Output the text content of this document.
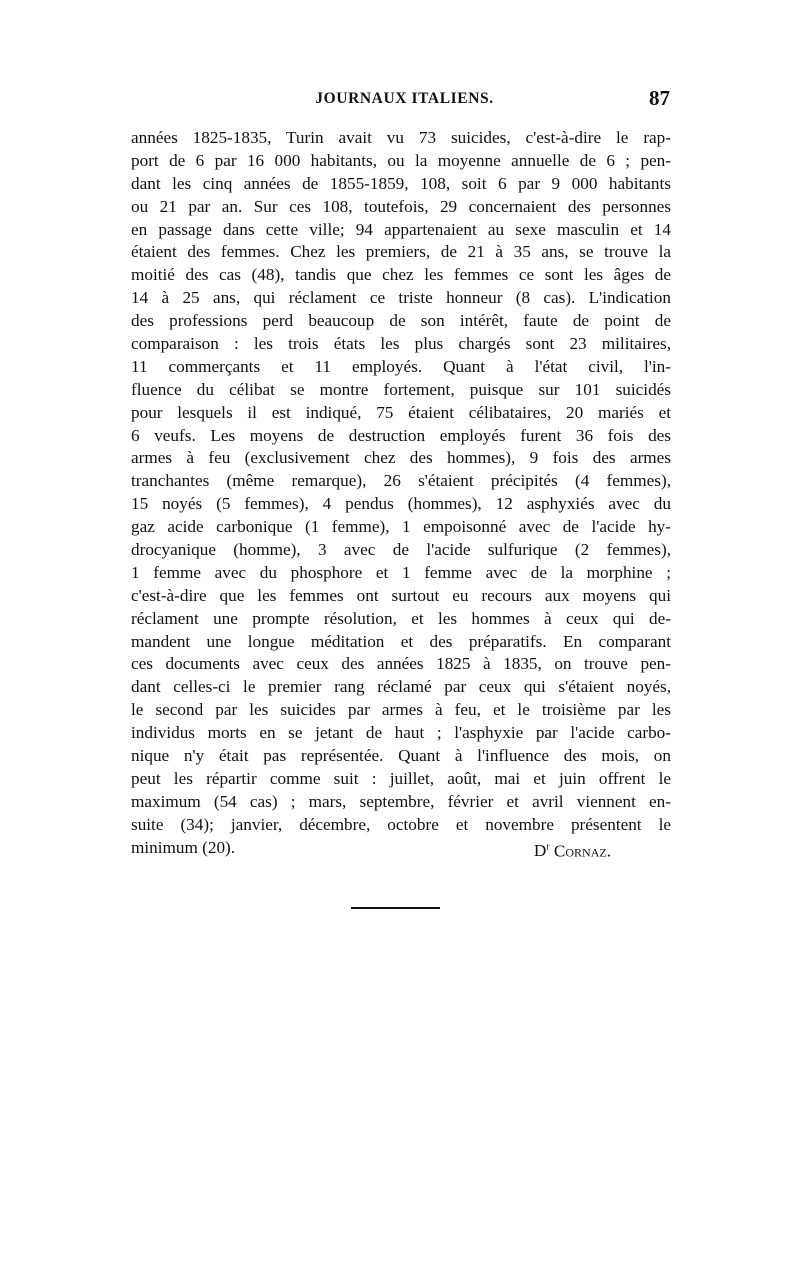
JOURNAUX ITALIENS.	87
années 1825-1835, Turin avait vu 73 suicides, c'est-à-dire le rap-
port de 6 par 16 000 habitants, ou la moyenne annuelle de 6 ; pen-
dant les cinq années de 1855-1859, 108, soit 6 par 9 000 habitants
ou 21 par an. Sur ces 108, toutefois, 29 concernaient des personnes
en passage dans cette ville; 94 appartenaient au sexe masculin et 14
étaient des femmes. Chez les premiers, de 21 à 35 ans, se trouve la
moitié des cas (48), tandis que chez les femmes ce sont les âges de
14 à 25 ans, qui réclament ce triste honneur (8 cas). L'indication
des professions perd beaucoup de son intérêt, faute de point de
comparaison : les trois états les plus chargés sont 23 militaires,
11 commerçants et 11 employés. Quant à l'état civil, l'in-
fluence du célibat se montre fortement, puisque sur 101 suicidés
pour lesquels il est indiqué, 75 étaient célibataires, 20 mariés et
6 veufs. Les moyens de destruction employés furent 36 fois des
armes à feu (exclusivement chez des hommes), 9 fois des armes
tranchantes (même remarque), 26 s'étaient précipités (4 femmes),
15 noyés (5 femmes), 4 pendus (hommes), 12 asphyxiés avec du
gaz acide carbonique (1 femme), 1 empoisonné avec de l'acide hy-
drocyanique (homme), 3 avec de l'acide sulfurique (2 femmes),
1 femme avec du phosphore et 1 femme avec de la morphine ;
c'est-à-dire que les femmes ont surtout eu recours aux moyens qui
réclament une prompte résolution, et les hommes à ceux qui de-
mandent une longue méditation et des préparatifs. En comparant
ces documents avec ceux des années 1825 à 1835, on trouve pen-
dant celles-ci le premier rang réclamé par ceux qui s'étaient noyés,
le second par les suicides par armes à feu, et le troisième par les
individus morts en se jetant de haut ; l'asphyxie par l'acide carbo-
nique n'y était pas représentée. Quant à l'influence des mois, on
peut les répartir comme suit : juillet, août, mai et juin offrent le
maximum (54 cas) ; mars, septembre, février et avril viennent en-
suite (34); janvier, décembre, octobre et novembre présentent le
minimum (20).	$D^r$ Cornaz.
